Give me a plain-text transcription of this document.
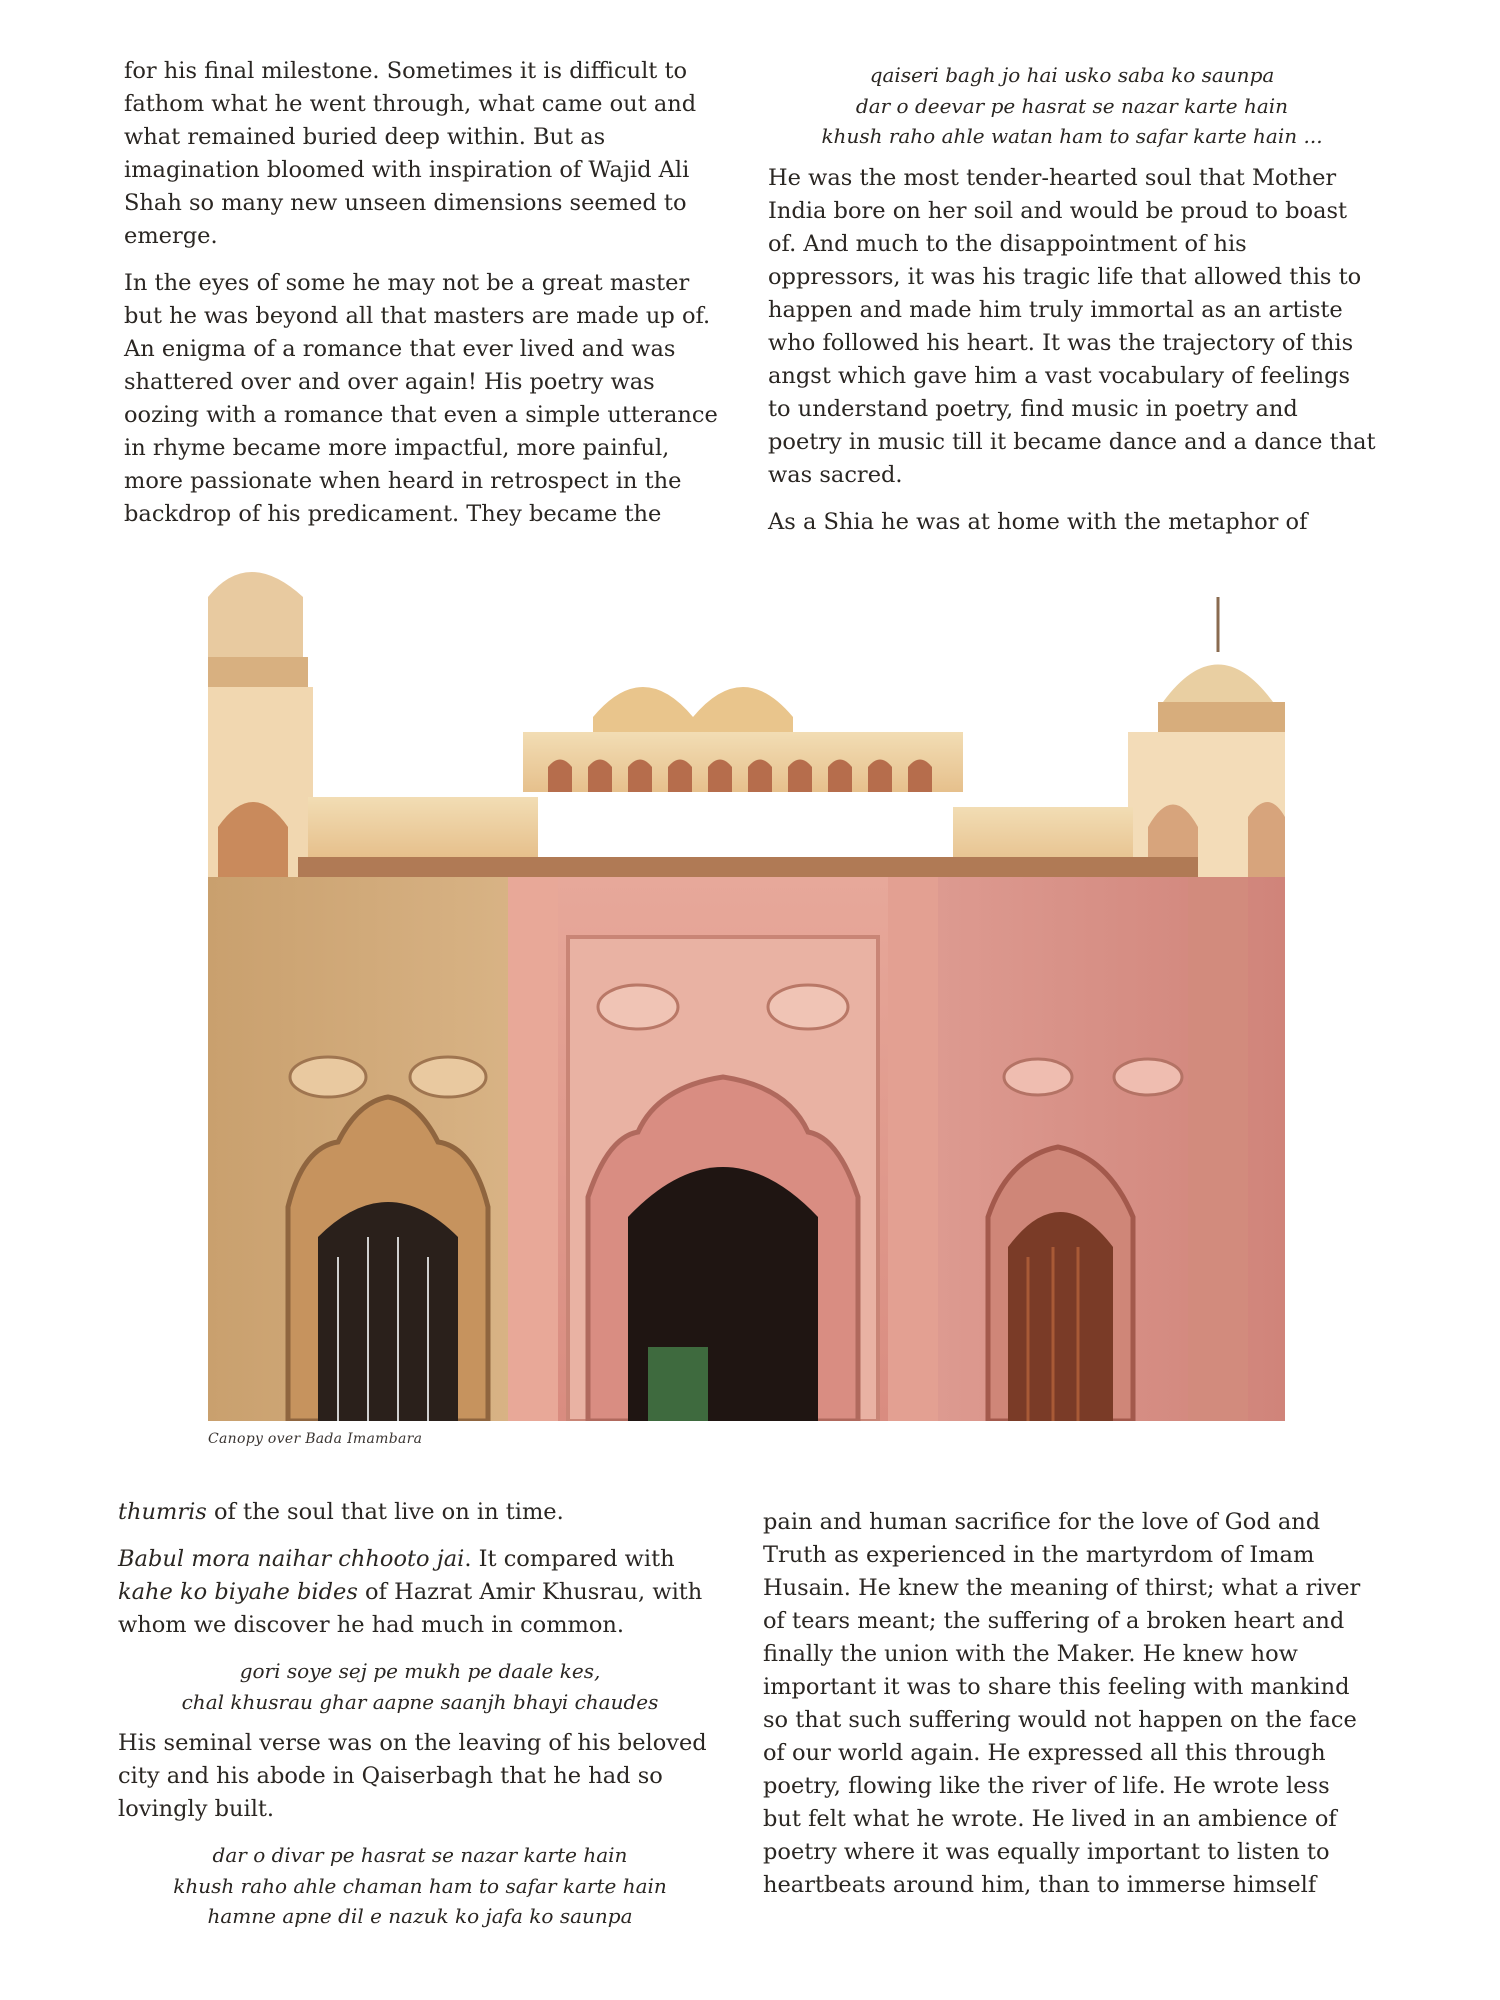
for his final milestone. Sometimes it is difficult to fathom what he went through, what came out and what remained buried deep within. But as imagination bloomed with inspiration of Wajid Ali Shah so many new unseen dimensions seemed to emerge.

In the eyes of some he may not be a great master but he was beyond all that masters are made up of. An enigma of a romance that ever lived and was shattered over and over again! His poetry was oozing with a romance that even a simple utterance in rhyme became more impactful, more painful, more passionate when heard in retrospect in the backdrop of his predicament. They became the

qaiseri bagh jo hai usko saba ko saunpa
dar o deevar pe hasrat se nazar karte hain
khush raho ahle watan ham to safar karte hain ...

He was the most tender-hearted soul that Mother India bore on her soil and would be proud to boast of. And much to the disappointment of his oppressors, it was his tragic life that allowed this to happen and made him truly immortal as an artiste who followed his heart. It was the trajectory of this angst which gave him a vast vocabulary of feelings to understand poetry, find music in poetry and poetry in music till it became dance and a dance that was sacred.

As a Shia he was at home with the metaphor of

Canopy over Bada Imambara

thumris of the soul that live on in time.

Babul mora naihar chhooto jai. It compared with kahe ko biyahe bides of Hazrat Amir Khusrau, with whom we discover he had much in common.

gori soye sej pe mukh pe daale kes,
chal khusrau ghar aapne saanjh bhayi chaudes

His seminal verse was on the leaving of his beloved city and his abode in Qaiserbagh that he had so lovingly built.

dar o divar pe hasrat se nazar karte hain
khush raho ahle chaman ham to safar karte hain
hamne apne dil e nazuk ko jafa ko saunpa

pain and human sacrifice for the love of God and Truth as experienced in the martyrdom of Imam Husain. He knew the meaning of thirst; what a river of tears meant; the suffering of a broken heart and finally the union with the Maker. He knew how important it was to share this feeling with mankind so that such suffering would not happen on the face of our world again. He expressed all this through poetry, flowing like the river of life. He wrote less but felt what he wrote. He lived in an ambience of poetry where it was equally important to listen to heartbeats around him, than to immerse himself
